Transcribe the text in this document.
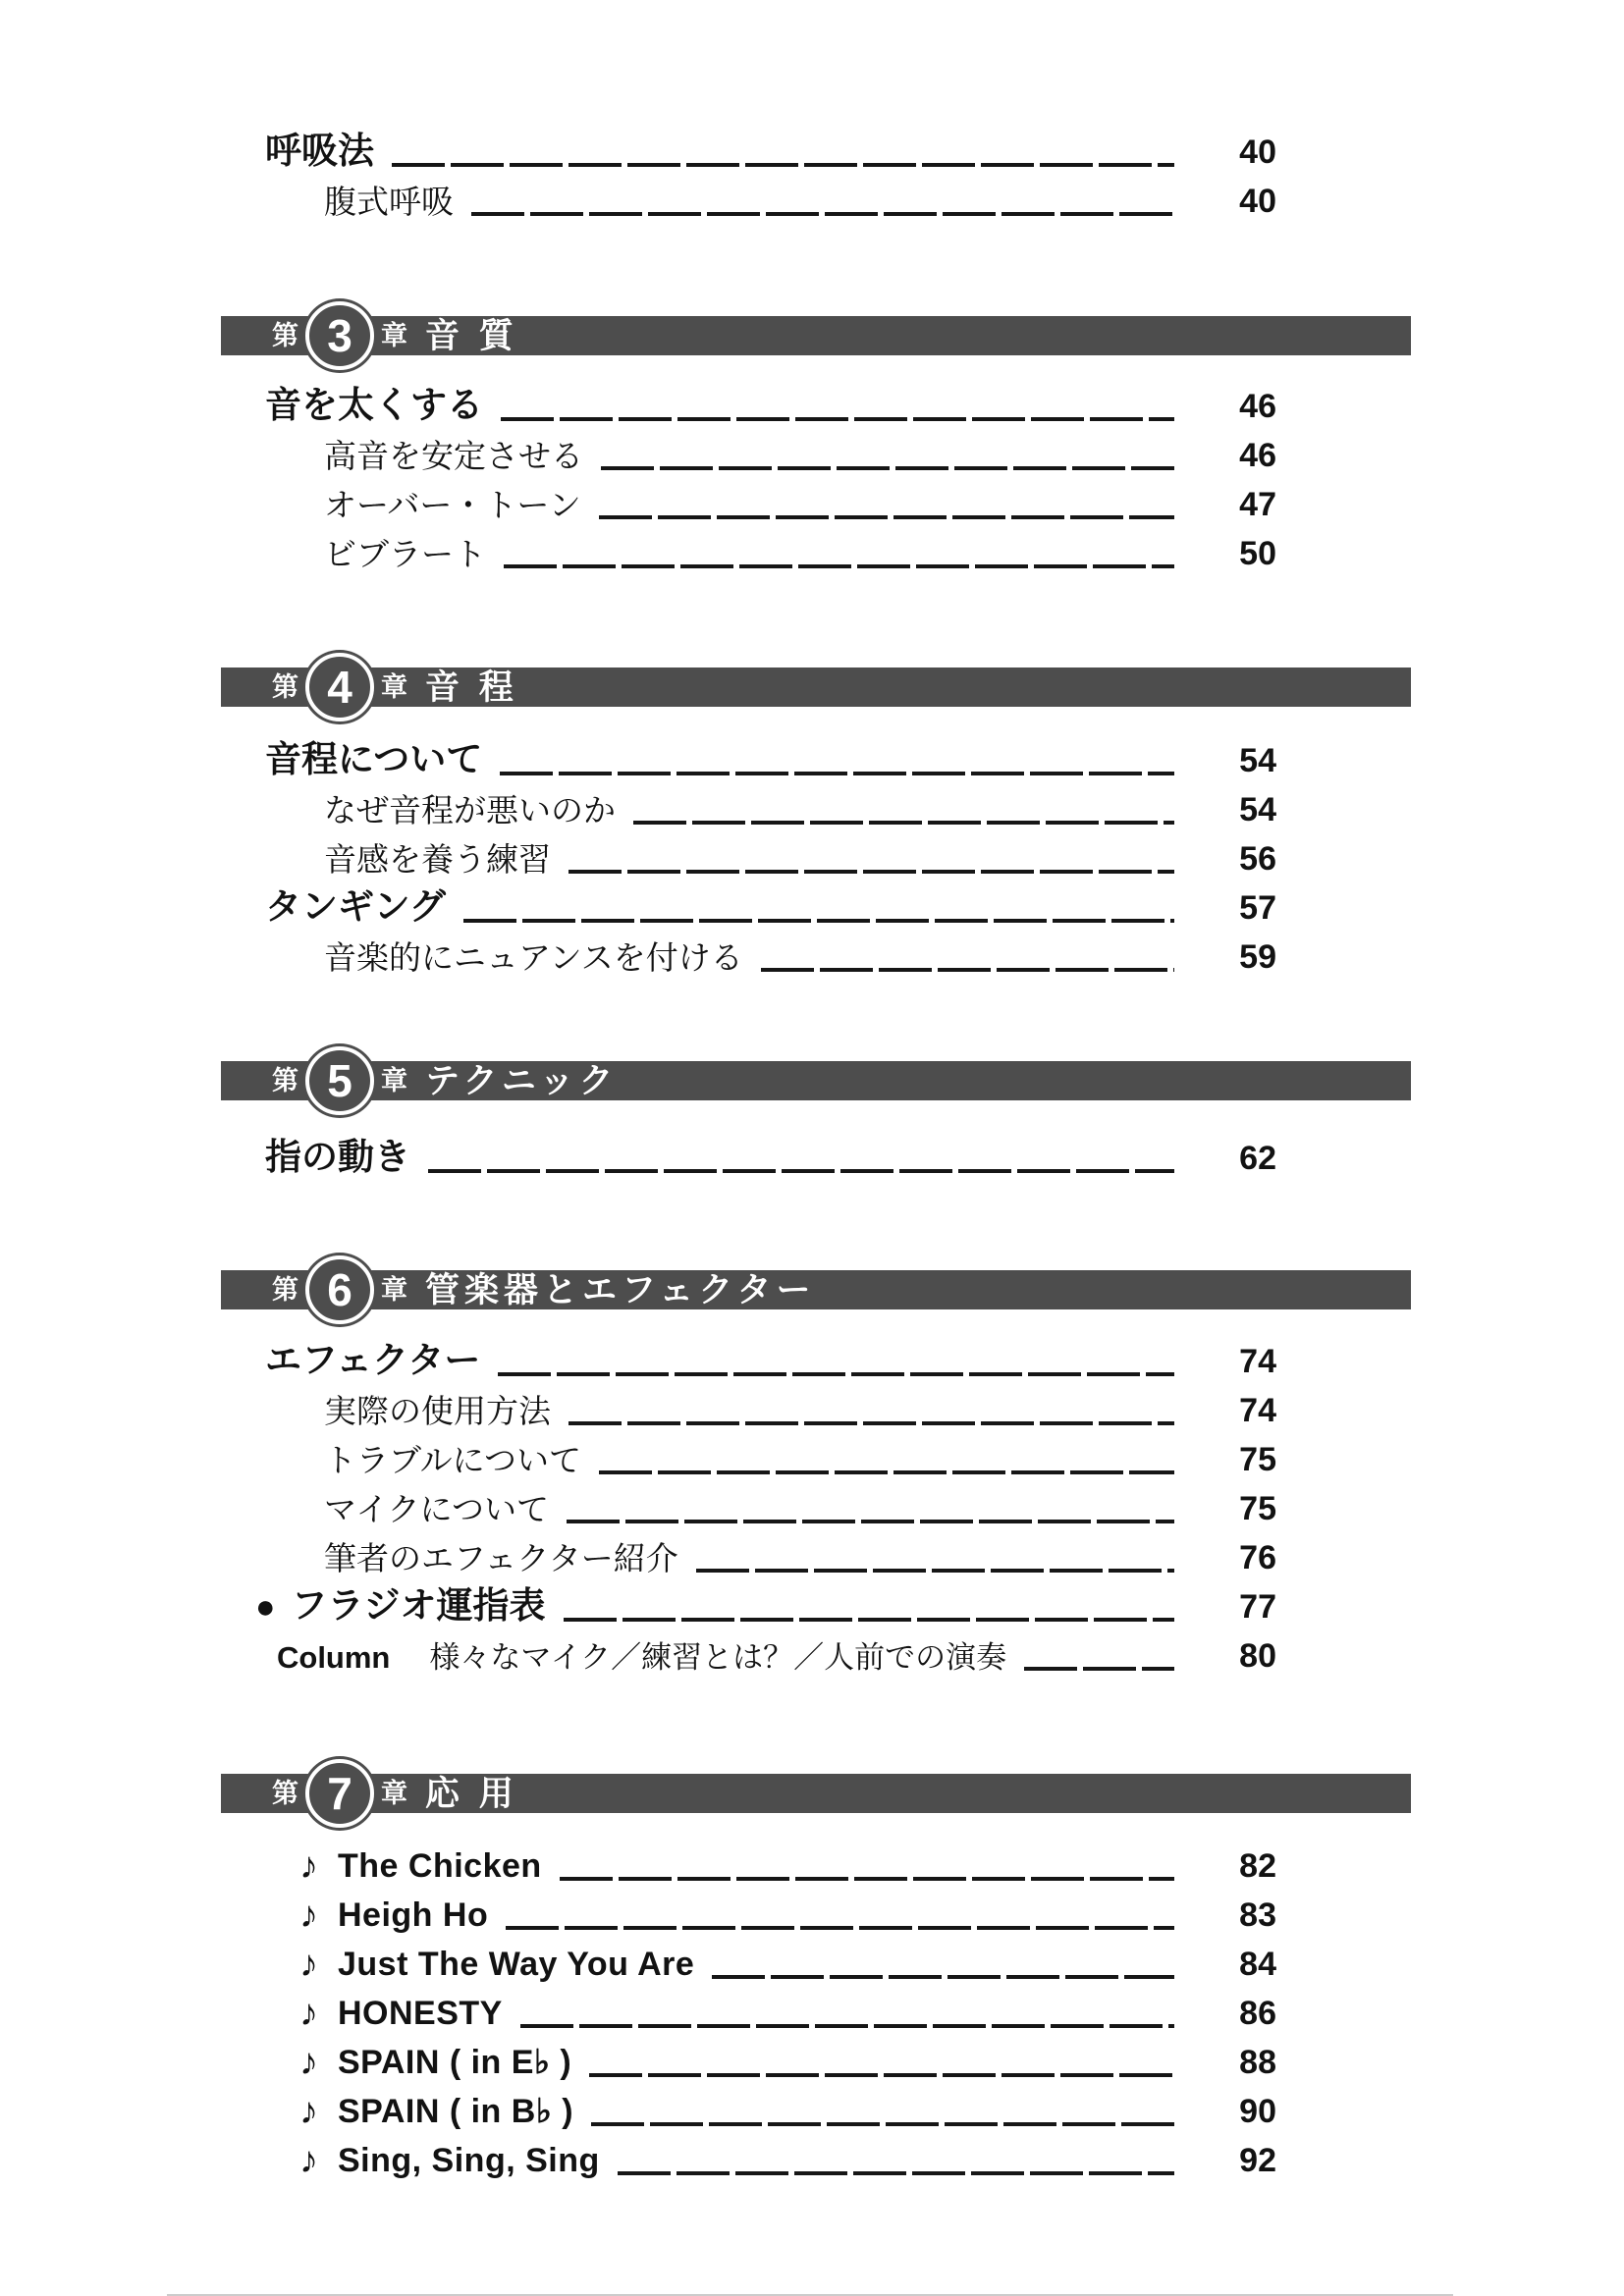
呼吸法	40
腹式呼吸	40
第 3 章 音 質
音を太くする	46
高音を安定させる	46
オーバー・トーン	47
ビブラート	50
第 4 章 音 程
音程について	54
なぜ音程が悪いのか	54
音感を養う練習	56
タンギング	57
音楽的にニュアンスを付ける	59
第 5 章 テクニック
指の動き	62
第 6 章 管楽器とエフェクター
エフェクター	74
実際の使用方法	74
トラブルについて	75
マイクについて	75
筆者のエフェクター紹介	76
● フラジオ運指表	77
Column 様々なマイク／練習とは？／人前での演奏	80
第 7 章 応 用
♪ The Chicken	82
♪ Heigh Ho	83
♪ Just The Way You Are	84
♪ HONESTY	86
♪ SPAIN ( in E♭ )	88
♪ SPAIN ( in B♭ )	90
♪ Sing, Sing, Sing	92
